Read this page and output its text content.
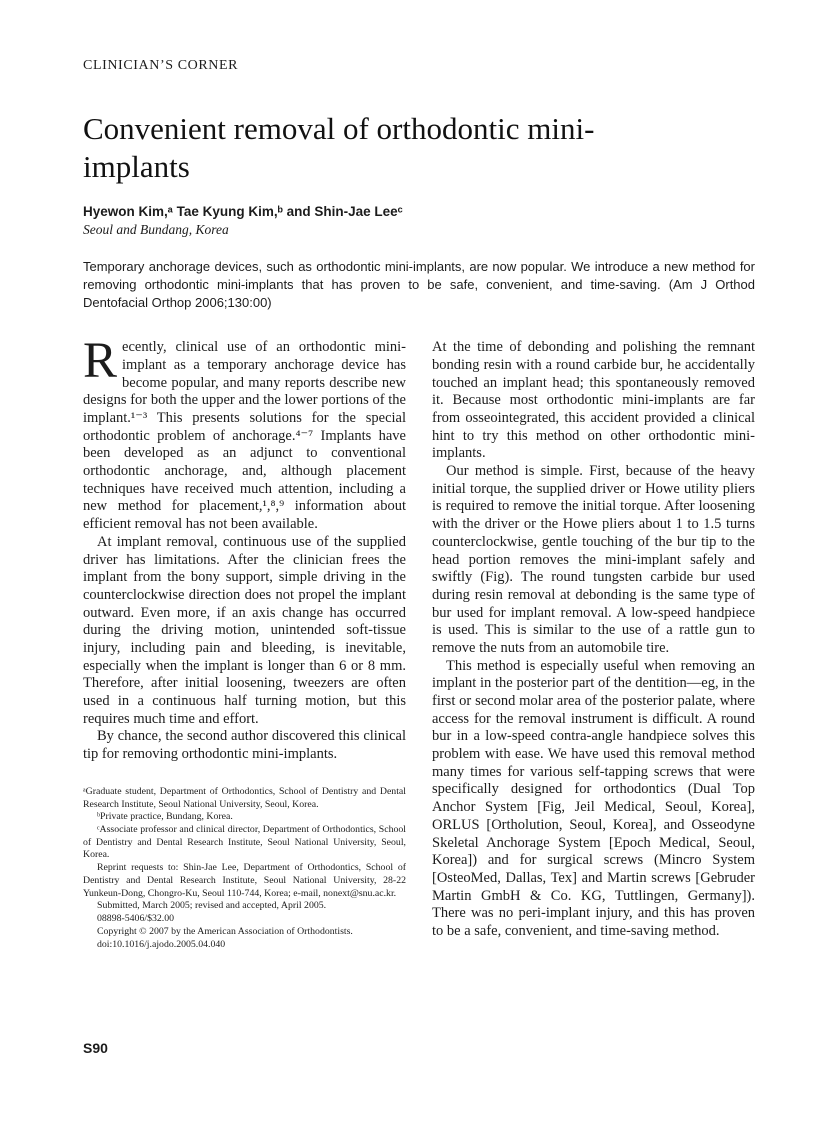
CLINICIAN’S CORNER
Convenient removal of orthodontic mini-implants
Hyewon Kim,ᵃ Tae Kyung Kim,ᵇ and Shin-Jae Leeᶜ
Seoul and Bundang, Korea

Temporary anchorage devices, such as orthodontic mini-implants, are now popular. We introduce a new method for removing orthodontic mini-implants that has proven to be safe, convenient, and time-saving. (Am J Orthod Dentofacial Orthop 2006;130:00)

Recently, clinical use of an orthodontic mini-implant as a temporary anchorage device has become popular, and many reports describe new designs for both the upper and the lower portions of the implant.¹⁻³ This presents solutions for the special orthodontic problem of anchorage.⁴⁻⁷ Implants have been developed as an adjunct to conventional orthodontic anchorage, and, although placement techniques have received much attention, including a new method for placement,¹,⁸,⁹ information about efficient removal has not been available.

At implant removal, continuous use of the supplied driver has limitations. After the clinician frees the implant from the bony support, simple driving in the counterclockwise direction does not propel the implant outward. Even more, if an axis change has occurred during the driving motion, unintended soft-tissue injury, including pain and bleeding, is inevitable, especially when the implant is longer than 6 or 8 mm. Therefore, after initial loosening, tweezers are often used in a continuous half turning motion, but this requires much time and effort.

By chance, the second author discovered this clinical tip for removing orthodontic mini-implants.

ᵃGraduate student, Department of Orthodontics, School of Dentistry and Dental Research Institute, Seoul National University, Seoul, Korea.

ᵇPrivate practice, Bundang, Korea.

ᶜAssociate professor and clinical director, Department of Orthodontics, School of Dentistry and Dental Research Institute, Seoul National University, Seoul, Korea.

Reprint requests to: Shin-Jae Lee, Department of Orthodontics, School of Dentistry and Dental Research Institute, Seoul National University, 28-22 Yunkeun-Dong, Chongro-Ku, Seoul 110-744, Korea; e-mail, nonext@snu.ac.kr.

Submitted, March 2005; revised and accepted, April 2005.

08898-5406/$32.00

Copyright © 2007 by the American Association of Orthodontists.

doi:10.1016/j.ajodo.2005.04.040

At the time of debonding and polishing the remnant bonding resin with a round carbide bur, he accidentally touched an implant head; this spontaneously removed it. Because most orthodontic mini-implants are far from osseointegrated, this accident provided a clinical hint to try this method on other orthodontic mini-implants.

Our method is simple. First, because of the heavy initial torque, the supplied driver or Howe utility pliers is required to remove the initial torque. After loosening with the driver or the Howe pliers about 1 to 1.5 turns counterclockwise, gentle touching of the bur tip to the head portion removes the mini-implant safely and swiftly (Fig). The round tungsten carbide bur used during resin removal at debonding is the same type of bur used for implant removal. A low-speed handpiece is used. This is similar to the use of a rattle gun to remove the nuts from an automobile tire.

This method is especially useful when removing an implant in the posterior part of the dentition—eg, in the first or second molar area of the posterior palate, where access for the removal instrument is difficult. A round bur in a low-speed contra-angle handpiece solves this problem with ease. We have used this removal method many times for various self-tapping screws that were specifically designed for orthodontics (Dual Top Anchor System [Fig, Jeil Medical, Seoul, Korea], ORLUS [Ortholution, Seoul, Korea], and Osseodyne Skeletal Anchorage System [Epoch Medical, Seoul, Korea]) and for surgical screws (Mincro System [OsteoMed, Dallas, Tex] and Martin screws [Gebruder Martin GmbH & Co. KG, Tuttlingen, Germany]). There was no peri-implant injury, and this has proven to be a safe, convenient, and time-saving method.

S90
